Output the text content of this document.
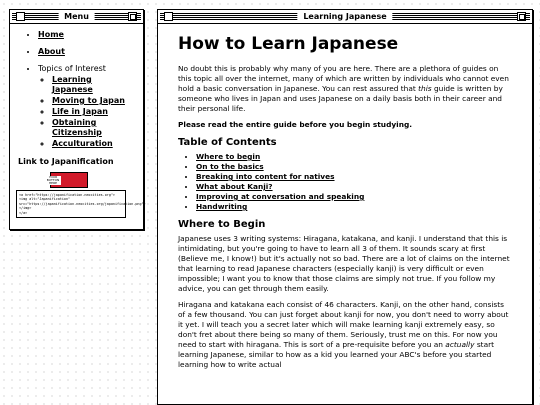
Menu
• Home
• About
• Topics of Interest
◦ Learning Japanese
◦ Moving to Japan
◦ Life in Japan
◦ Obtaining Citizenship
◦ Acculturation
Link to Japanification
YOUR BUTTON HERE
<a href="https://japanification.neocities.org">
<img alt="Japanification"
src="https://japanification.neocities.org/japanification.png">
</img>
</a>
Learning Japanese
How to Learn Japanese

No doubt this is probably why many of you are here. There are a plethora of guides on this topic all over the internet, many of which are written by individuals who cannot even hold a basic conversation in Japanese. You can rest assured that this guide is written by someone who lives in Japan and uses Japanese on a daily basis both in their career and their personal life.

Please read the entire guide before you begin studying.

Table of Contents
• Where to begin
• On to the basics
• Breaking into content for natives
• What about Kanji?
• Improving at conversation and speaking
• Handwriting
Where to Begin

Japanese uses 3 writing systems: Hiragana, katakana, and kanji. I understand that this is intimidating, but you're going to have to learn all 3 of them. It sounds scary at first (Believe me, I know!) but it's actually not so bad. There are a lot of claims on the internet that learning to read Japanese characters (especially kanji) is very difficult or even impossible; I want you to know that those claims are simply not true. If you follow my advice, you can get through them easily.

Hiragana and katakana each consist of 46 characters. Kanji, on the other hand, consists of a few thousand. You can just forget about kanji for now, you don't need to worry about it yet. I will teach you a secret later which will make learning kanji extremely easy, so don't fret about there being so many of them. Seriously, trust me on this. For now you need to start with hiragana. This is sort of a pre-requisite before you an actually start learning Japanese, similar to how as a kid you learned your ABC's before you started learning how to write actual
